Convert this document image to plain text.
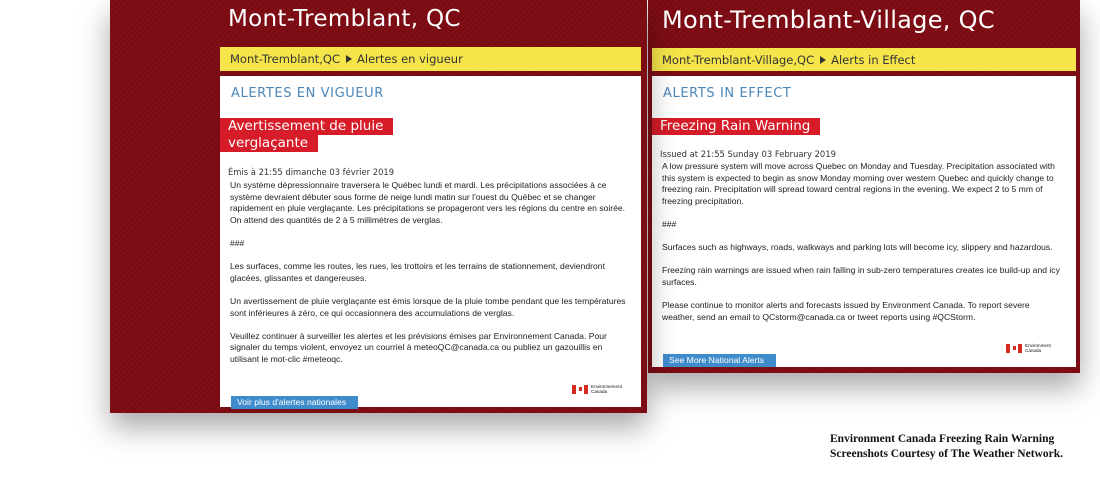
Mont-Tremblant-Village, QC
Mont-Tremblant-Village,QC Alerts in Effect
ALERTS IN EFFECT
Freezing Rain Warning
Issued at 21:55 Sunday 03 February 2019

A low pressure system will move across Quebec on Monday and Tuesday. Precipitation associated with this system is expected to begin as snow Monday morning over western Quebec and quickly change to freezing rain. Precipitation will spread toward central regions in the evening. We expect 2 to 5 mm of freezing precipitation.

###

Surfaces such as highways, roads, walkways and parking lots will become icy, slippery and hazardous.

Freezing rain warnings are issued when rain falling in sub-zero temperatures creates ice build-up and icy surfaces.

Please continue to monitor alerts and forecasts issued by Environment Canada. To report severe weather, send an email to QCstorm@canada.ca or tweet reports using #QCStorm.

Environment
Canada
See More National Alerts
Mont-Tremblant, QC
Mont-Tremblant,QC Alertes en vigueur
ALERTES EN VIGUEUR
Avertissement de pluie
verglaçante
Émis à 21:55 dimanche 03 février 2019

Un système dépressionnaire traversera le Québec lundi et mardi. Les précipitations associées à ce système devraient débuter sous forme de neige lundi matin sur l'ouest du Québec et se changer rapidement en pluie verglaçante. Les précipitations se propageront vers les régions du centre en soirée. On attend des quantités de 2 à 5 millimètres de verglas.

###

Les surfaces, comme les routes, les rues, les trottoirs et les terrains de stationnement, deviendront glacées, glissantes et dangereuses.

Un avertissement de pluie verglaçante est émis lorsque de la pluie tombe pendant que les températures sont inférieures à zéro, ce qui occasionnera des accumulations de verglas.

Veuillez continuer à surveiller les alertes et les prévisions émises par Environnement Canada. Pour signaler du temps violent, envoyez un courriel à meteoQC@canada.ca ou publiez un gazouillis en utilisant le mot-clic #meteoqc.

Environnement
Canada
Voir plus d'alertes nationales
Environment Canada Freezing Rain Warning
Screenshots Courtesy of The Weather Network.
